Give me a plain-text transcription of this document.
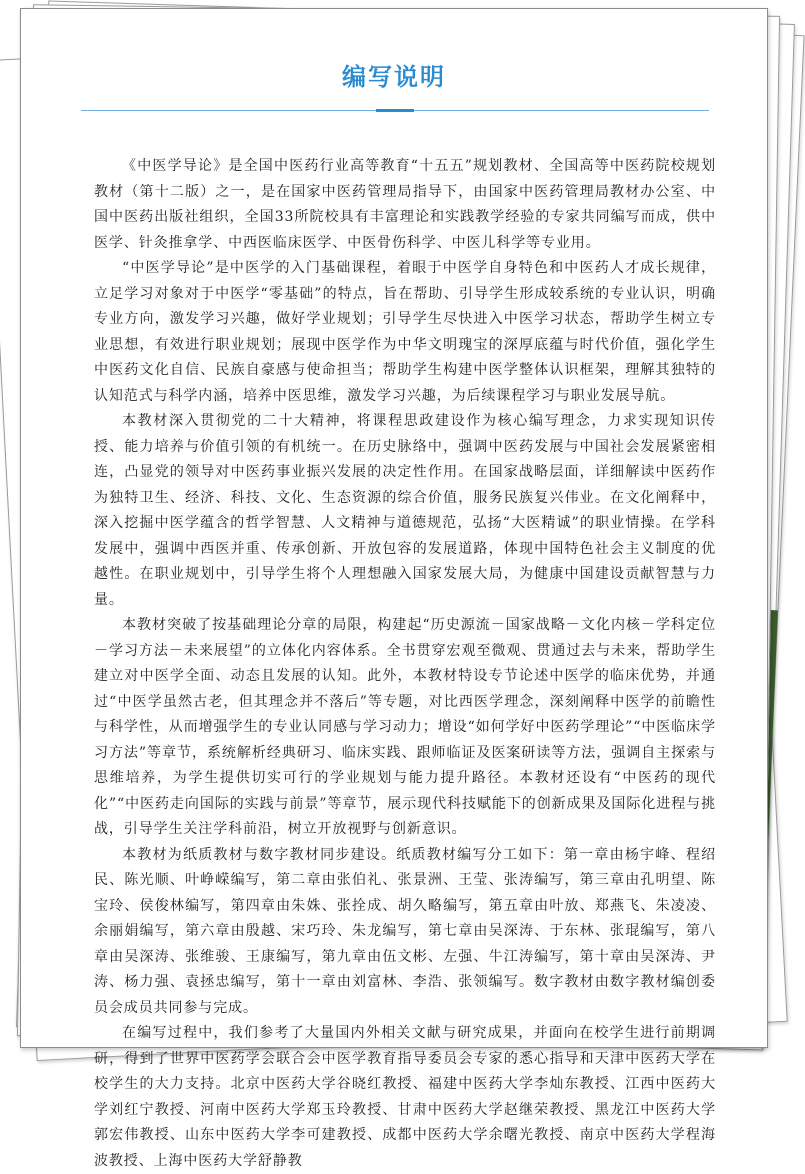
编写说明

《中医学导论》是全国中医药行业高等教育“十五五”规划教材、全国高等中医药院校规划教材（第十二版）之一，是在国家中医药管理局指导下，由国家中医药管理局教材办公室、中国中医药出版社组织，全国33所院校具有丰富理论和实践教学经验的专家共同编写而成，供中医学、针灸推拿学、中西医临床医学、中医骨伤科学、中医儿科学等专业用。

“中医学导论”是中医学的入门基础课程，着眼于中医学自身特色和中医药人才成长规律，立足学习对象对于中医学“零基础”的特点，旨在帮助、引导学生形成较系统的专业认识，明确专业方向，激发学习兴趣，做好学业规划；引导学生尽快进入中医学习状态，帮助学生树立专业思想，有效进行职业规划；展现中医学作为中华文明瑰宝的深厚底蕴与时代价值，强化学生中医药文化自信、民族自豪感与使命担当；帮助学生构建中医学整体认识框架，理解其独特的认知范式与科学内涵，培养中医思维，激发学习兴趣，为后续课程学习与职业发展导航。

本教材深入贯彻党的二十大精神，将课程思政建设作为核心编写理念，力求实现知识传授、能力培养与价值引领的有机统一。在历史脉络中，强调中医药发展与中国社会发展紧密相连，凸显党的领导对中医药事业振兴发展的决定性作用。在国家战略层面，详细解读中医药作为独特卫生、经济、科技、文化、生态资源的综合价值，服务民族复兴伟业。在文化阐释中，深入挖掘中医学蕴含的哲学智慧、人文精神与道德规范，弘扬“大医精诚”的职业情操。在学科发展中，强调中西医并重、传承创新、开放包容的发展道路，体现中国特色社会主义制度的优越性。在职业规划中，引导学生将个人理想融入国家发展大局，为健康中国建设贡献智慧与力量。

本教材突破了按基础理论分章的局限，构建起“历史源流－国家战略－文化内核－学科定位－学习方法－未来展望”的立体化内容体系。全书贯穿宏观至微观、贯通过去与未来，帮助学生建立对中医学全面、动态且发展的认知。此外，本教材特设专节论述中医学的临床优势，并通过“中医学虽然古老，但其理念并不落后”等专题，对比西医学理念，深刻阐释中医学的前瞻性与科学性，从而增强学生的专业认同感与学习动力；增设“如何学好中医药学理论”“中医临床学习方法”等章节，系统解析经典研习、临床实践、跟师临证及医案研读等方法，强调自主探索与思维培养，为学生提供切实可行的学业规划与能力提升路径。本教材还设有“中医药的现代化”“中医药走向国际的实践与前景”等章节，展示现代科技赋能下的创新成果及国际化进程与挑战，引导学生关注学科前沿，树立开放视野与创新意识。

本教材为纸质教材与数字教材同步建设。纸质教材编写分工如下：第一章由杨宇峰、程绍民、陈光顺、叶峥嵘编写，第二章由张伯礼、张景洲、王莹、张涛编写，第三章由孔明望、陈宝玲、侯俊林编写，第四章由朱姝、张拴成、胡久略编写，第五章由叶放、郑燕飞、朱凌凌、余丽娟编写，第六章由殷越、宋巧玲、朱龙编写，第七章由吴深涛、于东林、张琨编写，第八章由吴深涛、张维骏、王康编写，第九章由伍文彬、左强、牛江涛编写，第十章由吴深涛、尹涛、杨力强、袁拯忠编写，第十一章由刘富林、李浩、张领编写。数字教材由数字教材编创委员会成员共同参与完成。

在编写过程中，我们参考了大量国内外相关文献与研究成果，并面向在校学生进行前期调研，得到了世界中医药学会联合会中医学教育指导委员会专家的悉心指导和天津中医药大学在校学生的大力支持。北京中医药大学谷晓红教授、福建中医药大学李灿东教授、江西中医药大学刘红宁教授、河南中医药大学郑玉玲教授、甘肃中医药大学赵继荣教授、黑龙江中医药大学郭宏伟教授、山东中医药大学李可建教授、成都中医药大学余曙光教授、南京中医药大学程海波教授、上海中医药大学舒静教
